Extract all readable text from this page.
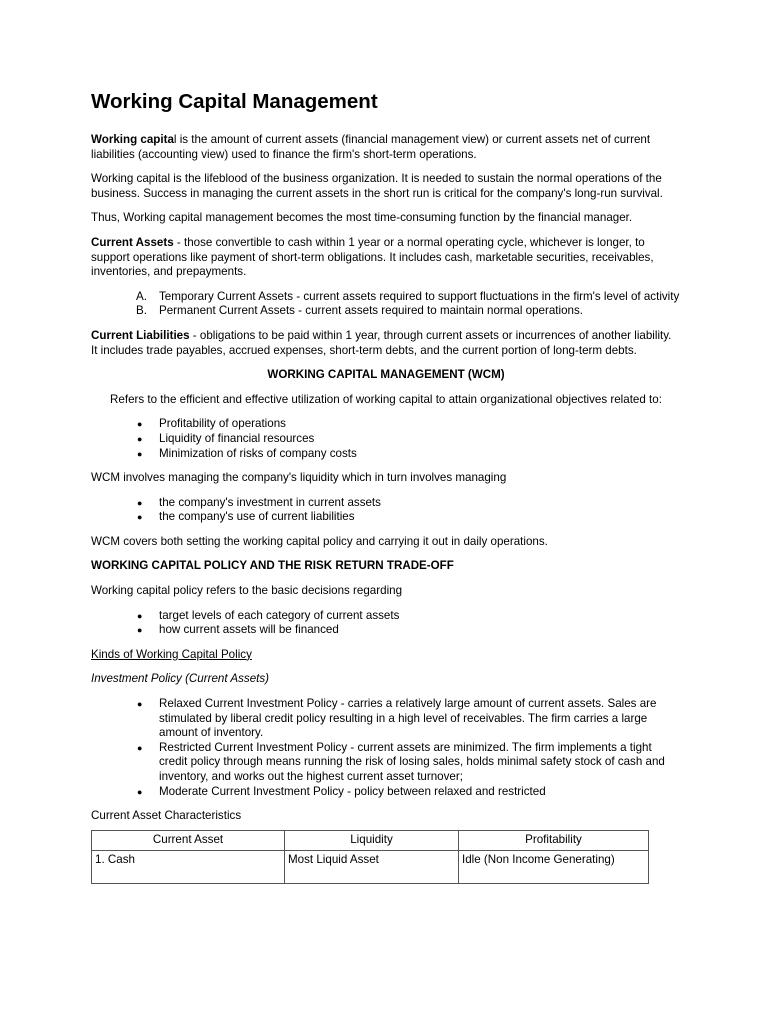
Working Capital Management

Working capital is the amount of current assets (financial management view) or current assets net of current liabilities (accounting view) used to finance the firm's short-term operations.

Working capital is the lifeblood of the business organization. It is needed to sustain the normal operations of the business. Success in managing the current assets in the short run is critical for the company's long-run survival.

Thus, Working capital management becomes the most time-consuming function by the financial manager.

Current Assets - those convertible to cash within 1 year or a normal operating cycle, whichever is longer, to support operations like payment of short-term obligations. It includes cash, marketable securities, receivables, inventories, and prepayments.

A. Temporary Current Assets - current assets required to support fluctuations in the firm's level of activity
B. Permanent Current Assets - current assets required to maintain normal operations.

Current Liabilities - obligations to be paid within 1 year, through current assets or incurrences of another liability. It includes trade payables, accrued expenses, short-term debts, and the current portion of long-term debts.

WORKING CAPITAL MANAGEMENT (WCM)

Refers to the efficient and effective utilization of working capital to attain organizational objectives related to:

● Profitability of operations
● Liquidity of financial resources
● Minimization of risks of company costs

WCM involves managing the company's liquidity which in turn involves managing

● the company's investment in current assets
● the company's use of current liabilities

WCM covers both setting the working capital policy and carrying it out in daily operations.

WORKING CAPITAL POLICY AND THE RISK RETURN TRADE-OFF

Working capital policy refers to the basic decisions regarding

● target levels of each category of current assets
● how current assets will be financed

Kinds of Working Capital Policy

Investment Policy (Current Assets)

● Relaxed Current Investment Policy - carries a relatively large amount of current assets. Sales are stimulated by liberal credit policy resulting in a high level of receivables. The firm carries a large amount of inventory.
● Restricted Current Investment Policy - current assets are minimized. The firm implements a tight credit policy through means running the risk of losing sales, holds minimal safety stock of cash and inventory, and works out the highest current asset turnover;
● Moderate Current Investment Policy - policy between relaxed and restricted

Current Asset Characteristics

Current Asset	Liquidity	Profitability
1. Cash	Most Liquid Asset	Idle (Non Income Generating)
